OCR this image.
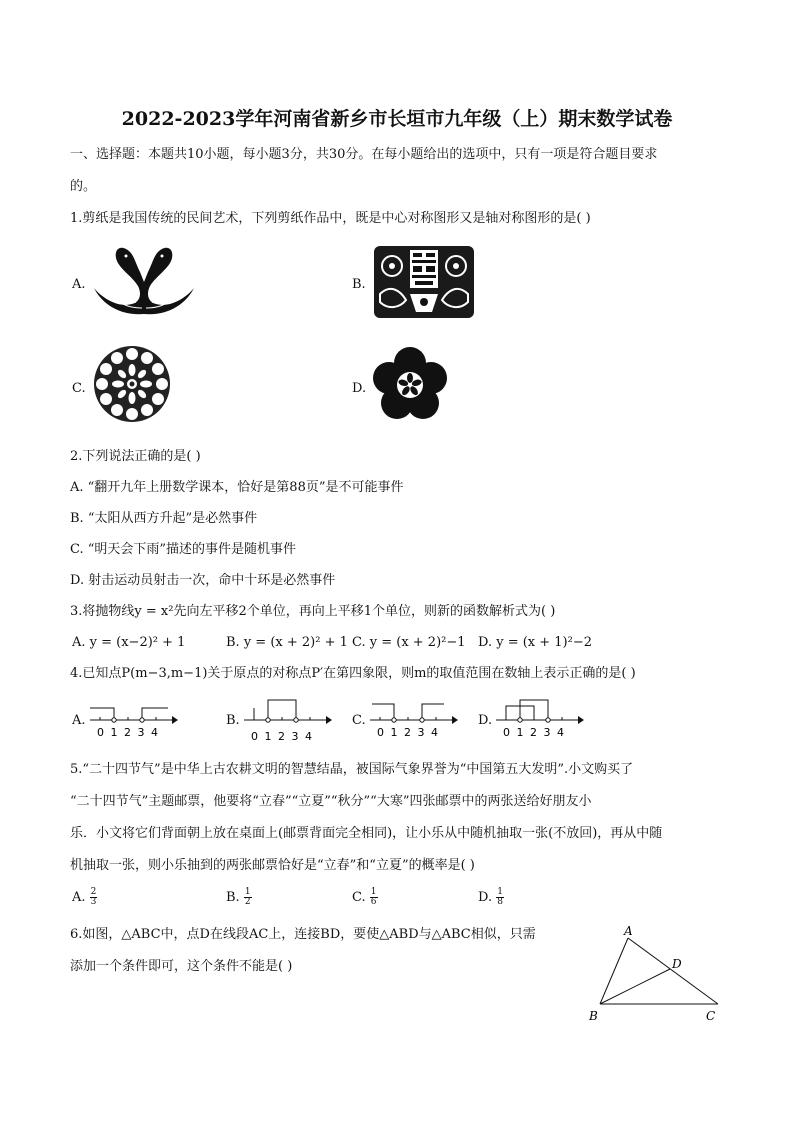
2022-2023学年河南省新乡市长垣市九年级（上）期末数学试卷
一、选择题：本题共10小题，每小题3分，共30分。在每小题给出的选项中，只有一项是符合题目要求
的。
1.剪纸是我国传统的民间艺术，下列剪纸作品中，既是中心对称图形又是轴对称图形的是( )
A.	B.
C.	D.
2.下列说法正确的是( )
A. “翻开九年上册数学课本，恰好是第88页”是不可能事件
B. “太阳从西方升起”是必然事件
C. “明天会下雨”描述的事件是随机事件
D. 射击运动员射击一次，命中十环是必然事件
3.将抛物线y = x²先向左平移2个单位，再向上平移1个单位，则新的函数解析式为( )
A. y = (x−2)² + 1	B. y = (x + 2)² + 1 C. y = (x + 2)²−1 D. y = (x + 1)²−2
4.已知点P(m−3,m−1)关于原点的对称点P′在第四象限，则m的取值范围在数轴上表示正确的是( )
A.	B.	C.	D.
0 1 2 3 4	0 1 2 3 4	0 1 2 3 4	0 1 2 3 4
5.“二十四节气”是中华上古农耕文明的智慧结晶，被国际气象界誉为“中国第五大发明”.小文购买了
“二十四节气”主题邮票，他要将“立春”“立夏”“秋分”“大寒”四张邮票中的两张送给好朋友小
乐．小文将它们背面朝上放在桌面上(邮票背面完全相同)，让小乐从中随机抽取一张(不放回)，再从中随
机抽取一张，则小乐抽到的两张邮票恰好是“立春”和“立夏”的概率是( )
A. $\frac{2}{3}$	B. $\frac{1}{2}$	C. $\frac{1}{6}$	D. $\frac{1}{8}$
6.如图，△ABC中，点D在线段AC上，连接BD，要使△ABD与△ABC相似，只需
添加一个条件即可，这个条件不能是( )
A
D
B	C
